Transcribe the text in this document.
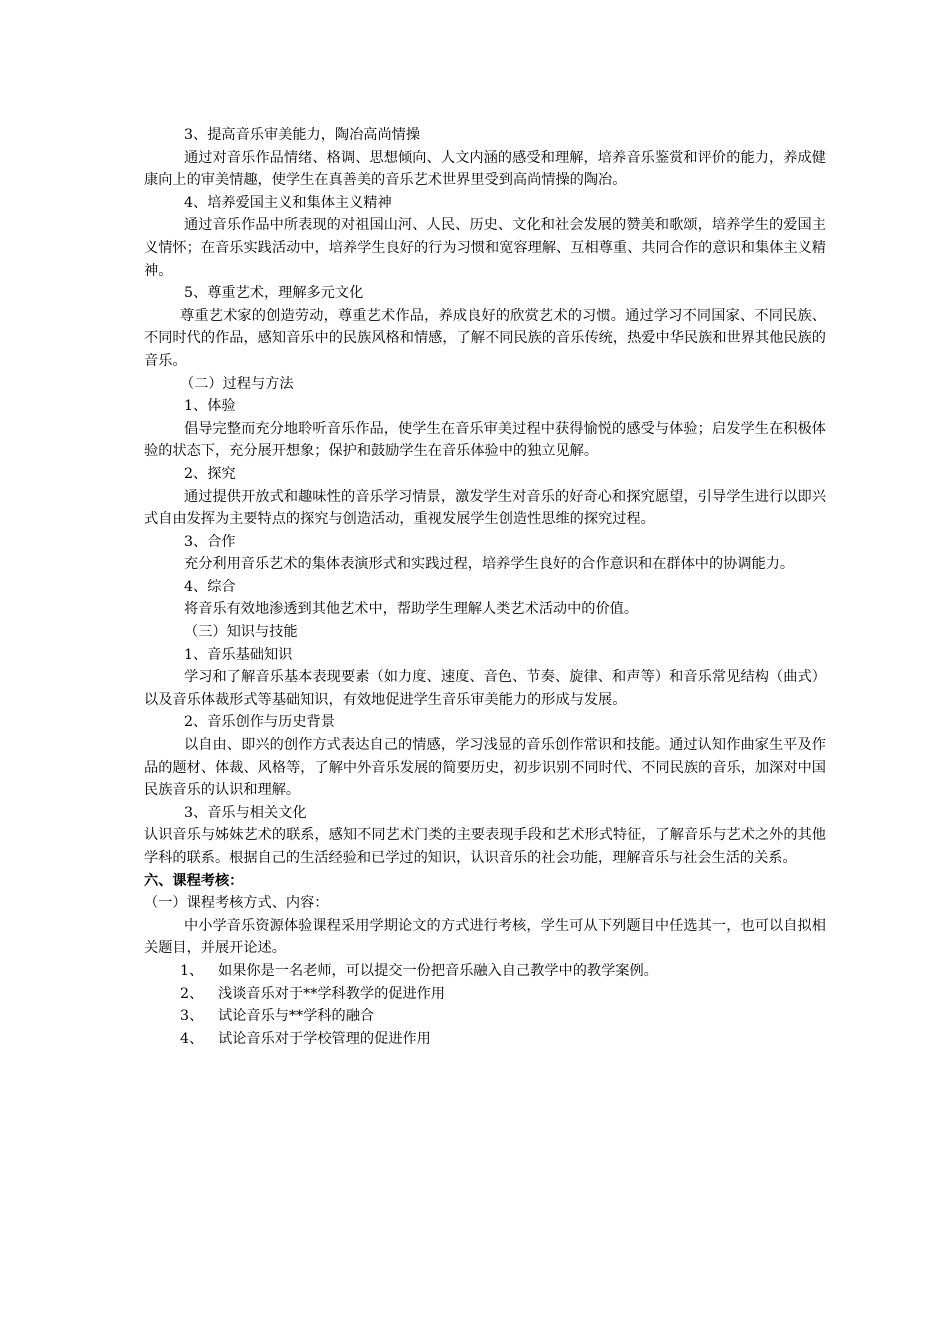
3、提高音乐审美能力，陶冶高尚情操

通过对音乐作品情绪、格调、思想倾向、人文内涵的感受和理解，培养音乐鉴赏和评价的能力，养成健康向上的审美情趣，使学生在真善美的音乐艺术世界里受到高尚情操的陶冶。

4、培养爱国主义和集体主义精神

通过音乐作品中所表现的对祖国山河、人民、历史、文化和社会发展的赞美和歌颂，培养学生的爱国主义情怀；在音乐实践活动中，培养学生良好的行为习惯和宽容理解、互相尊重、共同合作的意识和集体主义精神。

5、尊重艺术，理解多元文化

尊重艺术家的创造劳动，尊重艺术作品，养成良好的欣赏艺术的习惯。通过学习不同国家、不同民族、不同时代的作品，感知音乐中的民族风格和情感，了解不同民族的音乐传统，热爱中华民族和世界其他民族的音乐。

（二）过程与方法

1、体验

倡导完整而充分地聆听音乐作品，使学生在音乐审美过程中获得愉悦的感受与体验；启发学生在积极体验的状态下，充分展开想象；保护和鼓励学生在音乐体验中的独立见解。

2、探究

通过提供开放式和趣味性的音乐学习情景，激发学生对音乐的好奇心和探究愿望，引导学生进行以即兴式自由发挥为主要特点的探究与创造活动，重视发展学生创造性思维的探究过程。

3、合作

充分利用音乐艺术的集体表演形式和实践过程，培养学生良好的合作意识和在群体中的协调能力。

4、综合

将音乐有效地渗透到其他艺术中，帮助学生理解人类艺术活动中的价值。

（三）知识与技能

1、音乐基础知识

学习和了解音乐基本表现要素（如力度、速度、音色、节奏、旋律、和声等）和音乐常见结构（曲式）以及音乐体裁形式等基础知识，有效地促进学生音乐审美能力的形成与发展。

2、音乐创作与历史背景

以自由、即兴的创作方式表达自己的情感，学习浅显的音乐创作常识和技能。通过认知作曲家生平及作品的题材、体裁、风格等，了解中外音乐发展的简要历史，初步识别不同时代、不同民族的音乐，加深对中国民族音乐的认识和理解。

3、音乐与相关文化

认识音乐与姊妹艺术的联系，感知不同艺术门类的主要表现手段和艺术形式特征，了解音乐与艺术之外的其他学科的联系。根据自己的生活经验和已学过的知识，认识音乐的社会功能，理解音乐与社会生活的关系。

六、课程考核：

（一）课程考核方式、内容：

中小学音乐资源体验课程采用学期论文的方式进行考核，学生可从下列题目中任选其一，也可以自拟相关题目，并展开论述。

1、 如果你是一名老师，可以提交一份把音乐融入自己教学中的教学案例。

2、 浅谈音乐对于**学科教学的促进作用

3、 试论音乐与**学科的融合

4、 试论音乐对于学校管理的促进作用
